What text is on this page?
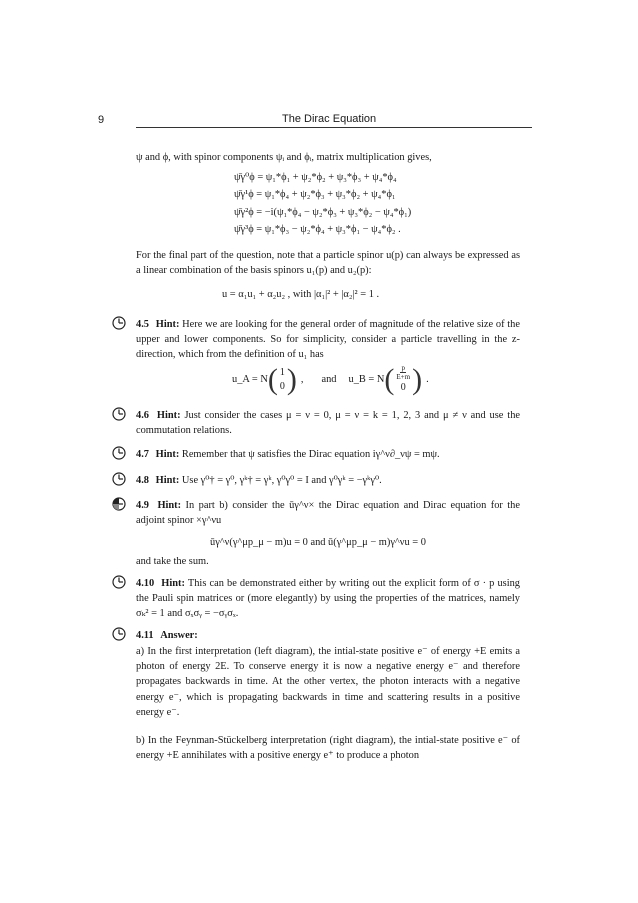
9	The Dirac Equation
ψ and ϕ, with spinor components ψᵢ and ϕᵢ, matrix multiplication gives,
ψ̄γ⁰ϕ = ψ₁*ϕ₁ + ψ₂*ϕ₂ + ψ₃*ϕ₃ + ψ₄*ϕ₄
ψ̄γ¹ϕ = ψ₁*ϕ₄ + ψ₂*ϕ₃ + ψ₃*ϕ₂ + ψ₄*ϕ₁
ψ̄γ²ϕ = −i(ψ₁*ϕ₄ − ψ₂*ϕ₃ + ψ₃*ϕ₂ − ψ₄*ϕ₁)
ψ̄γ³ϕ = ψ₁*ϕ₃ − ψ₂*ϕ₄ + ψ₃*ϕ₁ − ψ₄*ϕ₂ .
For the final part of the question, note that a particle spinor u(p) can always be expressed as a linear combination of the basis spinors u₁(p) and u₂(p):
u = α₁u₁ + α₂u₂ , with |α₁|² + |α₂|² = 1 .
4.5 Hint: Here we are looking for the general order of magnitude of the relative size of the upper and lower components. So for simplicity, consider a particle travelling in the z-direction, which from the definition of u₁ has
u_A = N ( 1
0 ) , and u_B = N ( $\frac{p}{E+m}$
0 ) .
4.6 Hint: Just consider the cases μ = ν = 0, μ = ν = k = 1, 2, 3 and μ ≠ ν and use the commutation relations.
4.7 Hint: Remember that ψ satisfies the Dirac equation iγ^ν∂_νψ = mψ.
4.8 Hint: Use γ⁰† = γ⁰, γᵏ† = γᵏ, γ⁰γ⁰ = I and γ⁰γᵏ = −γᵏγ⁰.
4.9 Hint: In part b) consider the ūγ^ν× the Dirac equation and Dirac equation for the adjoint spinor ×γ^νu
ūγ^ν(γ^μp_μ − m)u = 0 and ū(γ^μp_μ − m)γ^νu = 0
and take the sum.
4.10 Hint: This can be demonstrated either by writing out the explicit form of σ · p using the Pauli spin matrices or (more elegantly) by using the properties of the matrices, namely σₖ² = 1 and σₓσᵧ = −σᵧσₓ.
4.11 Answer:
a) In the first interpretation (left diagram), the intial-state positive e⁻ of energy +E emits a photon of energy 2E. To conserve energy it is now a negative energy e⁻ and therefore propagates backwards in time. At the other vertex, the photon interacts with a negative energy e⁻, which is propagating backwards in time and scattering results in a positive energy e⁻.
b) In the Feynman-Stückelberg interpretation (right diagram), the intial-state positive e⁻ of energy +E annihilates with a positive energy e⁺ to produce a photon
